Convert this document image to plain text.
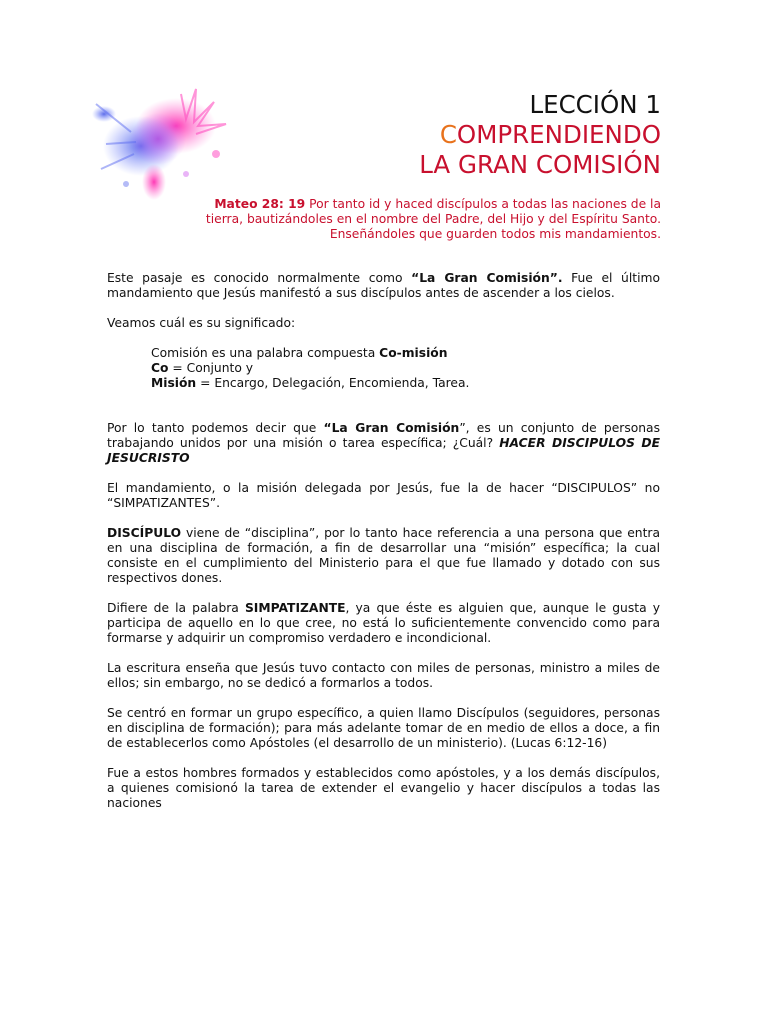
LECCIÓN 1
COMPRENDIENDO
LA GRAN COMISIÓN
Mateo 28: 19 Por tanto id y haced discípulos a todas las naciones de la tierra, bautizándoles en el nombre del Padre, del Hijo y del Espíritu Santo. Enseñándoles que guarden todos mis mandamientos.

Este pasaje es conocido normalmente como “La Gran Comisión”. Fue el último mandamiento que Jesús manifestó a sus discípulos antes de ascender a los cielos.

Veamos cuál es su significado:

Comisión es una palabra compuesta Co-misión
Co = Conjunto y
Misión = Encargo, Delegación, Encomienda, Tarea.

Por lo tanto podemos decir que “La Gran Comisión”, es un conjunto de personas trabajando unidos por una misión o tarea específica; ¿Cuál? HACER DISCIPULOS DE JESUCRISTO

El mandamiento, o la misión delegada por Jesús, fue la de hacer “DISCIPULOS” no “SIMPATIZANTES”.

DISCÍPULO viene de “disciplina”, por lo tanto hace referencia a una persona que entra en una disciplina de formación, a fin de desarrollar una “misión” específica; la cual consiste en el cumplimiento del Ministerio para el que fue llamado y dotado con sus respectivos dones.

Difiere de la palabra SIMPATIZANTE, ya que éste es alguien que, aunque le gusta y participa de aquello en lo que cree, no está lo suficientemente convencido como para formarse y adquirir un compromiso verdadero e incondicional.

La escritura enseña que Jesús tuvo contacto con miles de personas, ministro a miles de ellos; sin embargo, no se dedicó a formarlos a todos.

Se centró en formar un grupo específico, a quien llamo Discípulos (seguidores, personas en disciplina de formación); para más adelante tomar de en medio de ellos a doce, a fin de establecerlos como Apóstoles (el desarrollo de un ministerio). (Lucas 6:12-16)

Fue a estos hombres formados y establecidos como apóstoles, y a los demás discípulos, a quienes comisionó la tarea de extender el evangelio y hacer discípulos a todas las naciones
